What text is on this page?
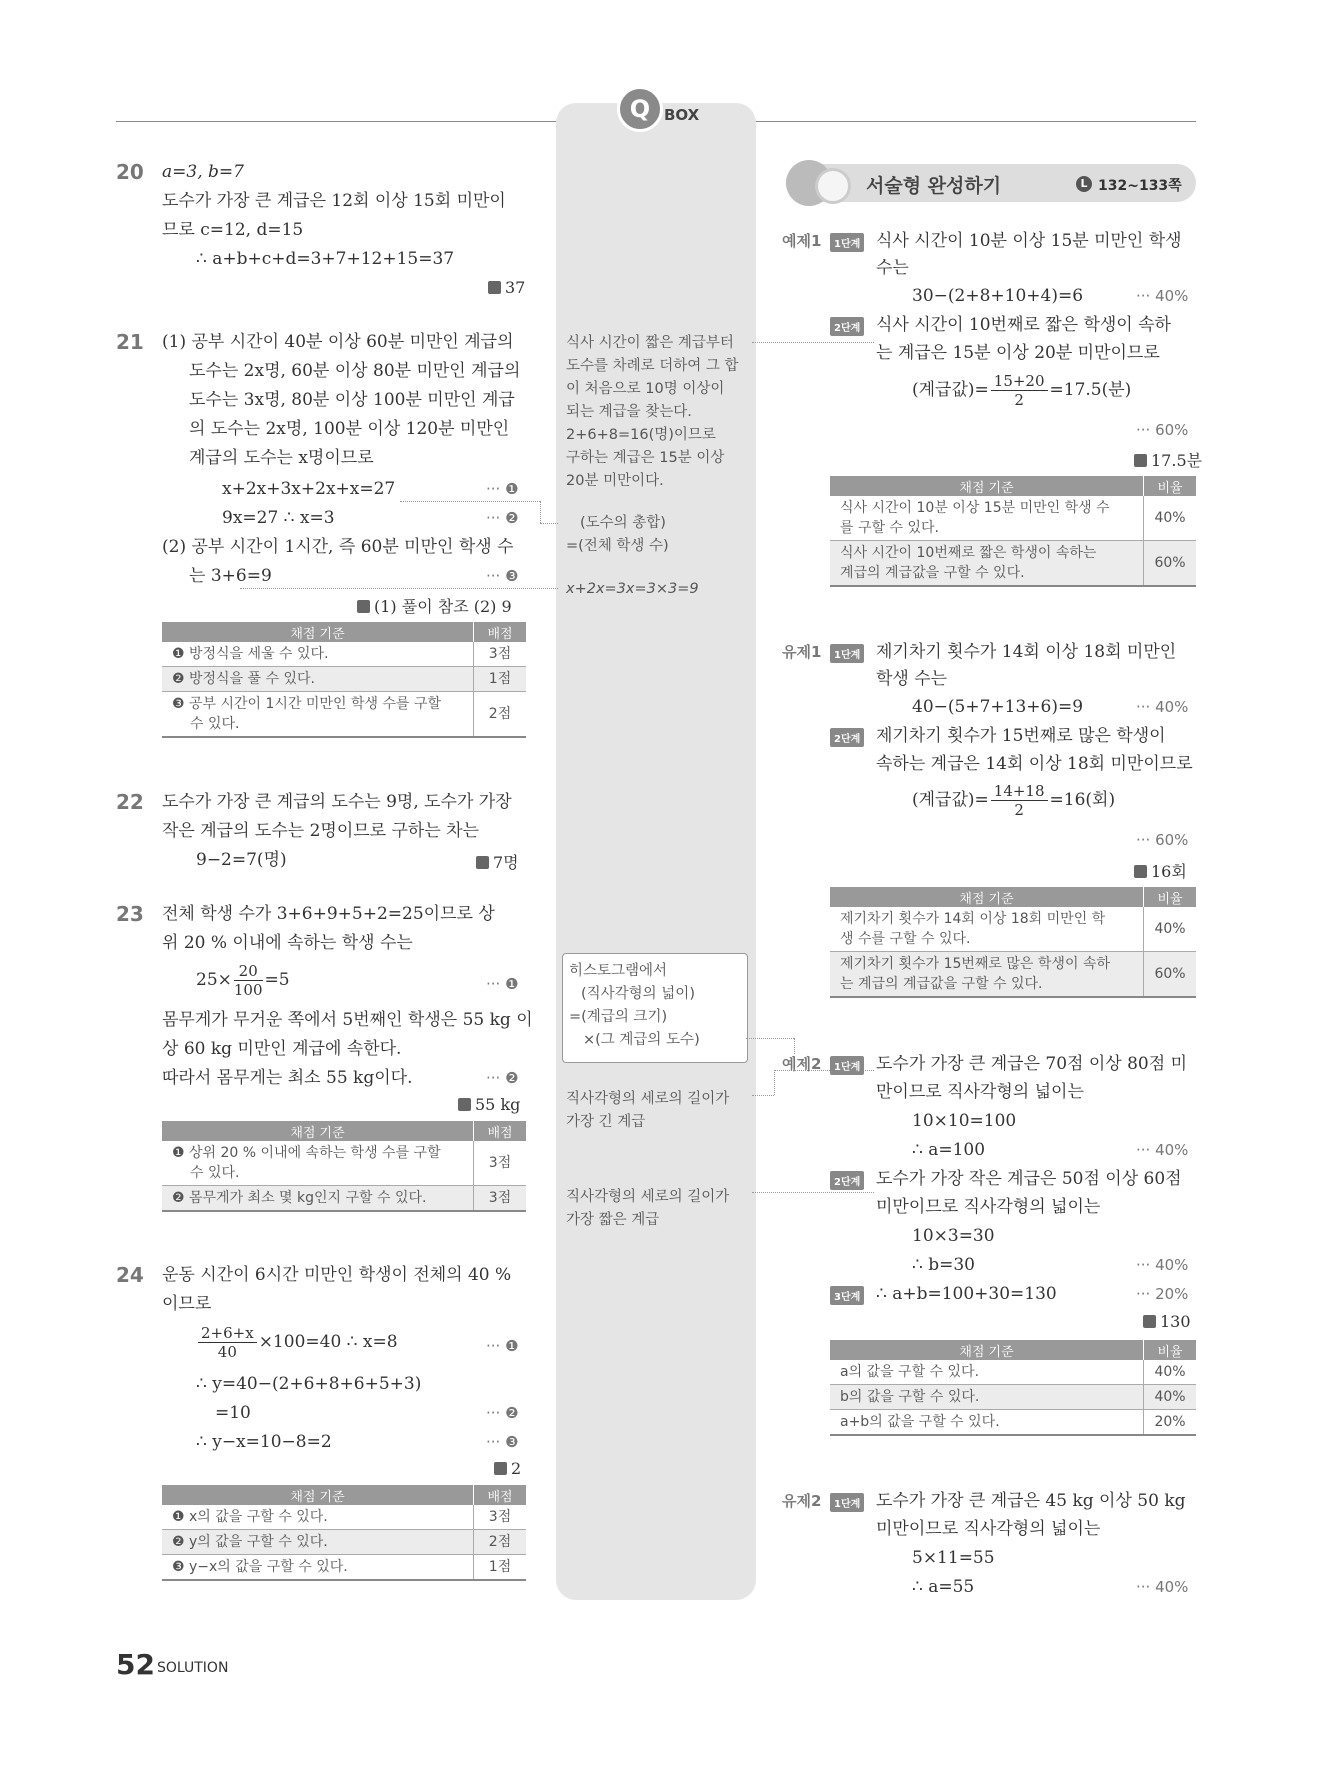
Q BOX
20 a=3, b=7
도수가 가장 큰 계급은 12회 이상 15회 미만이
므로 c=12, d=15
∴ a+b+c+d=3+7+12+15=37
37
21 (1) 공부 시간이 40분 이상 60분 미만인 계급의
도수는 2x명, 60분 이상 80분 미만인 계급의
도수는 3x명, 80분 이상 100분 미만인 계급
의 도수는 2x명, 100분 이상 120분 미만인
계급의 도수는 x명이므로
x+2x+3x+2x+x=27	··· ❶
9x=27 ∴ x=3	··· ❷
(2) 공부 시간이 1시간, 즉 60분 미만인 학생 수
는 3+6=9	··· ❸
(1) 풀이 참조 (2) 9
채점 기준	배점
❶ 방정식을 세울 수 있다.	3점
❷ 방정식을 풀 수 있다.	1점

❸ 공부 시간이 1시간 미만인 학생 수를 구할
수 있다.	2점
22 도수가 가장 큰 계급의 도수는 9명, 도수가 가장
작은 계급의 도수는 2명이므로 구하는 차는
9−2=7(명)	7명
23 전체 학생 수가 3+6+9+5+2=25이므로 상
위 20 % 이내에 속하는 학생 수는
$25\times \frac{20}{100} =5$	··· ❶
몸무게가 무거운 쪽에서 5번째인 학생은 55 kg 이
상 60 kg 미만인 계급에 속한다.
따라서 몸무게는 최소 55 kg이다.	··· ❷
55 kg
채점 기준	배점

❶ 상위 20 % 이내에 속하는 학생 수를 구할
수 있다.	3점
❷ 몸무게가 최소 몇 kg인지 구할 수 있다.	3점
24 운동 시간이 6시간 미만인 학생이 전체의 40 %
이므로
$\frac{2+6+x}{40} \times 100=40$ ∴ x=8	··· ❶
∴ y=40−(2+6+8+6+5+3)
=10	··· ❷
∴ y−x=10−8=2	··· ❸
2
채점 기준	배점
❶ x의 값을 구할 수 있다.	3점
❷ y의 값을 구할 수 있다.	2점
❸ y−x의 값을 구할 수 있다.	1점
식사 시간이 짧은 계급부터
도수를 차례로 더하여 그 합
이 처음으로 10명 이상이
되는 계급을 찾는다.
2+6+8=16(명)이므로
구하는 계급은 15분 이상
20분 미만이다.
(도수의 총합)
=(전체 학생 수)
x+2x=3x=3×3=9
히스토그램에서
(직사각형의 넓이)
=(계급의 크기)
×(그 계급의 도수)
직사각형의 세로의 길이가
가장 긴 계급
직사각형의 세로의 길이가
가장 짧은 계급
서술형 완성하기	L 132~133쪽
예제1	1단계 식사 시간이 10분 이상 15분 미만인 학생
수는
30−(2+8+10+4)=6	··· 40%
2단계 식사 시간이 10번째로 짧은 학생이 속하
는 계급은 15분 이상 20분 미만이므로
(계급값)= $\frac{15+20}{2} =17.5$(분)
··· 60%
17.5분
채점 기준	비율

식사 시간이 10분 이상 15분 미만인 학생 수
를 구할 수 있다.	40%

식사 시간이 10번째로 짧은 학생이 속하는
계급의 계급값을 구할 수 있다.	60%
유제1	1단계 제기차기 횟수가 14회 이상 18회 미만인
학생 수는
40−(5+7+13+6)=9	··· 40%
2단계 제기차기 횟수가 15번째로 많은 학생이
속하는 계급은 14회 이상 18회 미만이므로
(계급값)= $\frac{14+18}{2} =16$(회)
··· 60%
16회
채점 기준	비율

제기차기 횟수가 14회 이상 18회 미만인 학
생 수를 구할 수 있다.	40%

제기차기 횟수가 15번째로 많은 학생이 속하
는 계급의 계급값을 구할 수 있다.	60%
예제2	1단계 도수가 가장 큰 계급은 70점 이상 80점 미
만이므로 직사각형의 넓이는
10×10=100
∴ a=100	··· 40%
2단계 도수가 가장 작은 계급은 50점 이상 60점
미만이므로 직사각형의 넓이는
10×3=30
∴ b=30	··· 40%
3단계 ∴ a+b=100+30=130	··· 20%
130
채점 기준	비율
a의 값을 구할 수 있다.	40%
b의 값을 구할 수 있다.	40%
a+b의 값을 구할 수 있다.	20%
유제2	1단계 도수가 가장 큰 계급은 45 kg 이상 50 kg
미만이므로 직사각형의 넓이는
5×11=55
∴ a=55	··· 40%
52 SOLUTION
